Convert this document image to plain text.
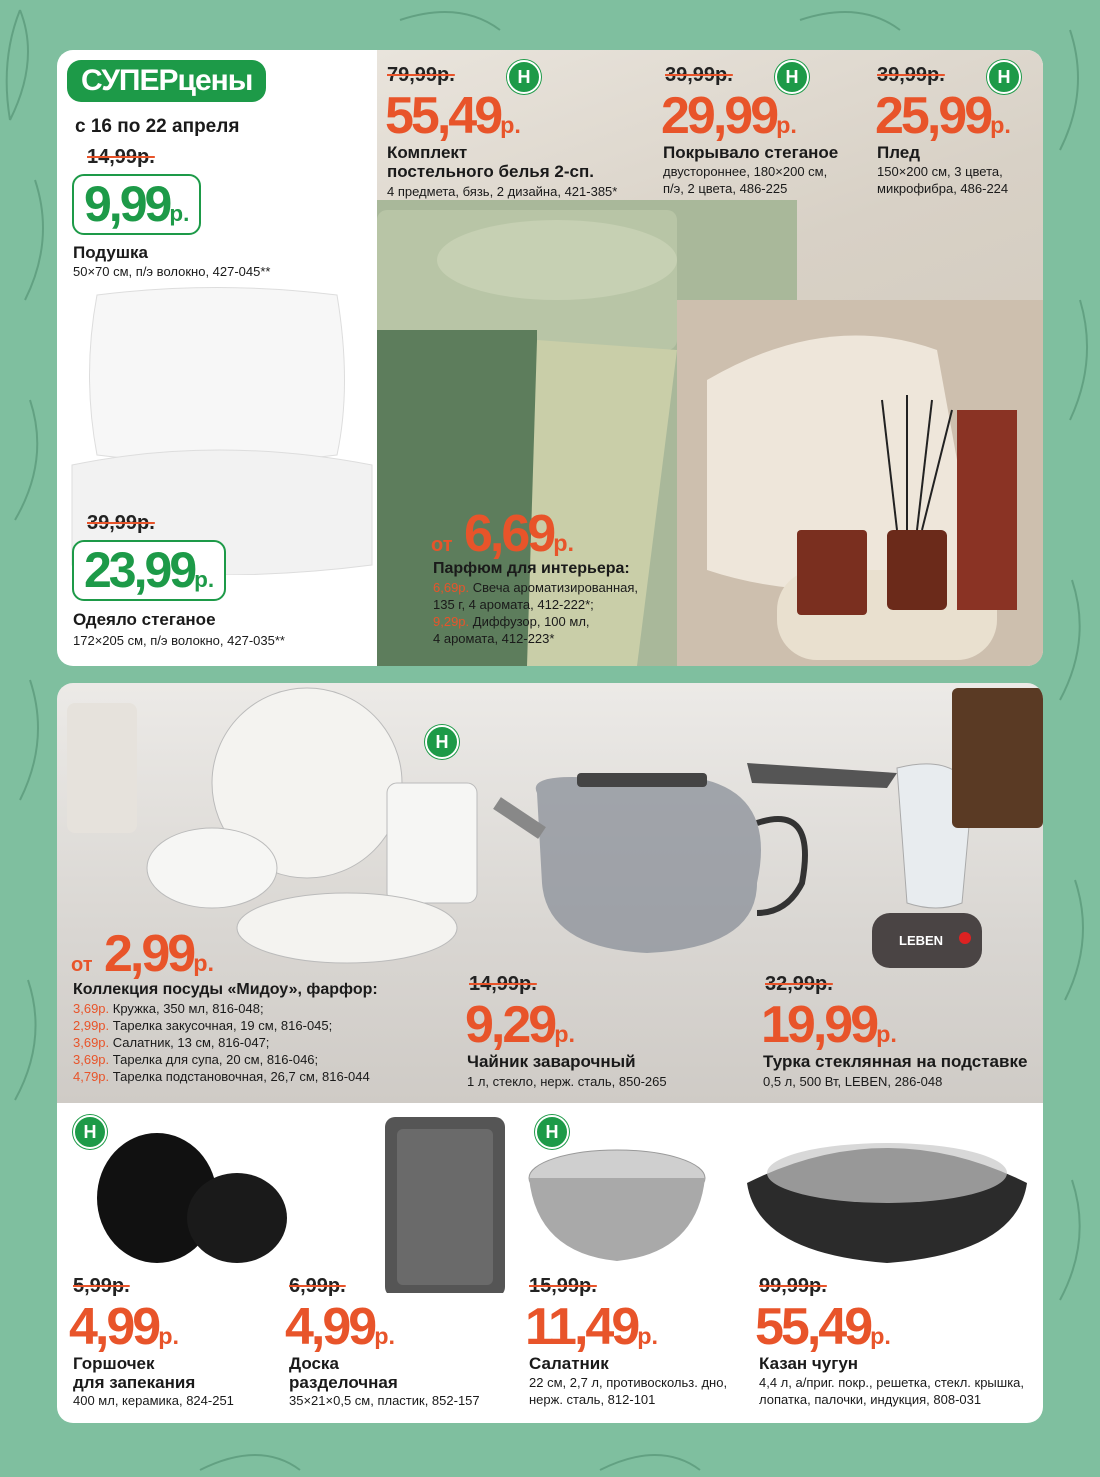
СУПЕРцены
с 16 по 22 апреля
14,99р.
9,99р.
Подушка
50×70 см, п/э волокно, 427-045**
39,99р.
23,99р.
Одеяло стеганое
172×205 см, п/э волокно, 427-035**
79,99р.	Н
55,49р.
Комплект
постельного белья 2-сп.
4 предмета, бязь, 2 дизайна, 421-385*
39,99р.	Н
29,99р.
Покрывало стеганое
двустороннее, 180×200 см,
п/э, 2 цвета, 486-225
39,99р.	Н
25,99р.
Плед
150×200 см, 3 цвета,
микрофибра, 486-224
от 6,69р.
Парфюм для интерьера:
6,69р. Свеча ароматизированная,
135 г, 4 аромата, 412-222*;
9,29р. Диффузор, 100 мл,
4 аромата, 412-223*
LEBEN
Н
от 2,99р.
Коллекция посуды «Мидоу», фарфор:
3,69р. Кружка, 350 мл, 816-048;
2,99р. Тарелка закусочная, 19 см, 816-045;
3,69р. Салатник, 13 см, 816-047;
3,69р. Тарелка для супа, 20 см, 816-046;
4,79р. Тарелка подстановочная, 26,7 см, 816-044
14,99р.
9,29р.
Чайник заварочный
1 л, стекло, нерж. сталь, 850-265
32,99р.
19,99р.
Турка стеклянная на подставке
0,5 л, 500 Вт, LEBEN, 286-048
Н	Н
5,99р.
4,99р.
Горшочек
для запекания
400 мл, керамика, 824-251
6,99р.
4,99р.
Доска
разделочная
35×21×0,5 см, пластик, 852-157
15,99р.
11,49р.
Салатник
22 см, 2,7 л, противоскольз. дно,
нерж. сталь, 812-101
99,99р.
55,49р.
Казан чугун
4,4 л, а/приг. покр., решетка, стекл. крышка,
лопатка, палочки, индукция, 808-031
